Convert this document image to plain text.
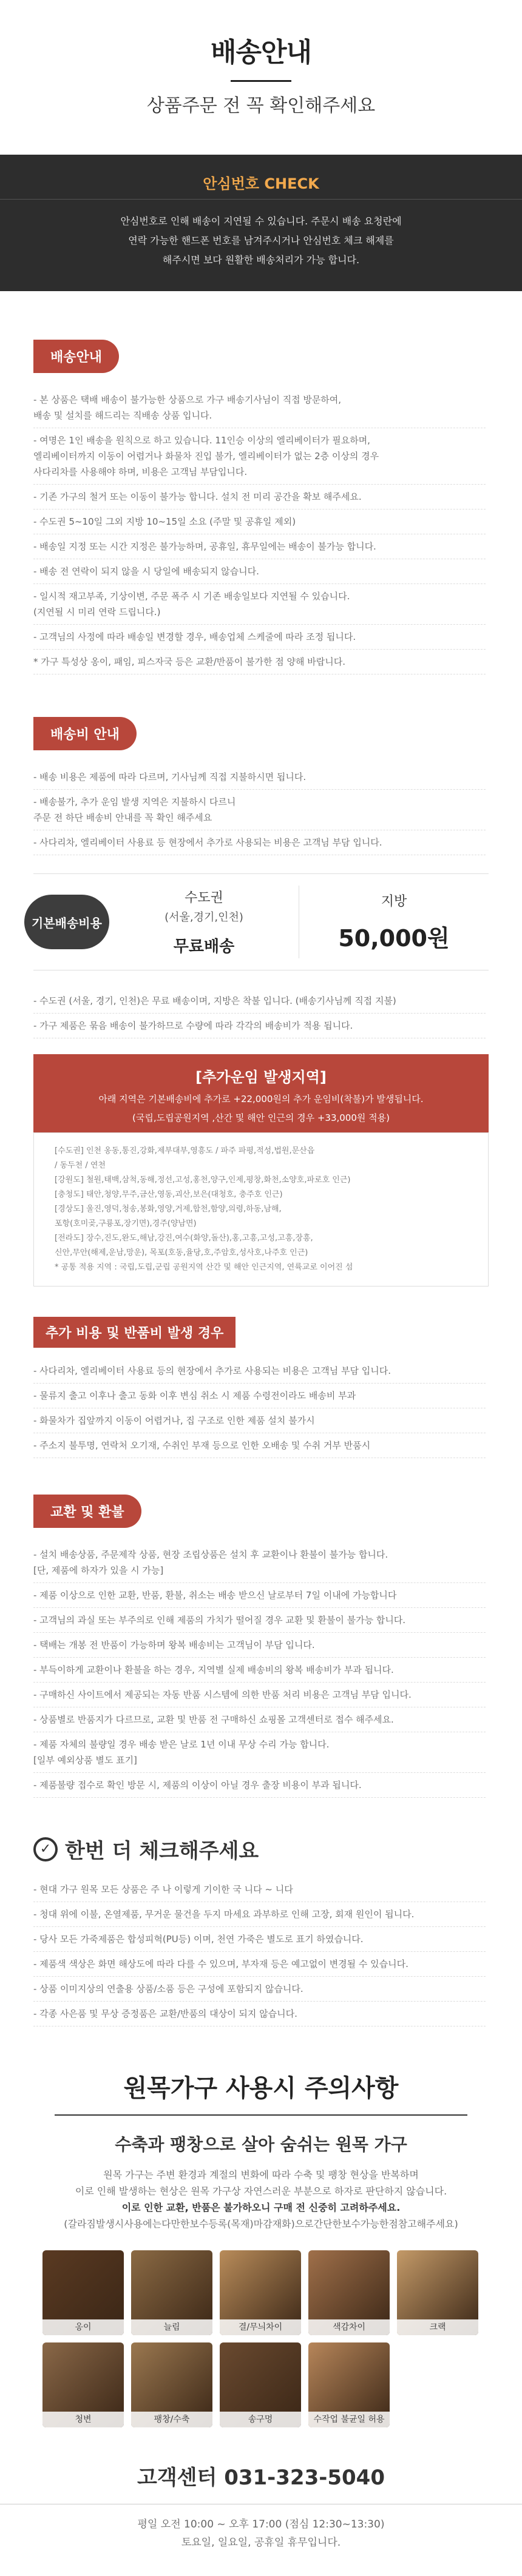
배송안내

상품주문 전 꼭 확인해주세요

안심번호 CHECK
안심번호로 인해 배송이 지연될 수 있습니다. 주문시 배송 요청란에
연락 가능한 핸드폰 번호를 남겨주시거나 안심번호 체크 해제를
해주시면 보다 원활한 배송처리가 가능 합니다.
배송안내
- 본 상품은 택배 배송이 불가능한 상품으로 가구 배송기사님이 직접 방문하여,
배송 및 설치를 해드리는 직배송 상품 입니다.
- 여명은 1인 배송을 원칙으로 하고 있습니다. 11인승 이상의 엘리베이터가 필요하며,
엘리베이터까지 이동이 어렵거나 화물차 진입 불가, 엘리베이터가 없는 2층 이상의 경우
사다리차를 사용해야 하며, 비용은 고객님 부담입니다.
- 기존 가구의 철거 또는 이동이 불가능 합니다. 설치 전 미리 공간을 확보 해주세요.
- 수도권 5~10일 그외 지방 10~15일 소요 (주말 및 공휴일 제외)
- 배송일 지정 또는 시간 지정은 불가능하며, 공휴일, 휴무일에는 배송이 불가능 합니다.
- 배송 전 연락이 되지 않을 시 당일에 배송되지 않습니다.
- 일시적 재고부족, 기상이변, 주문 폭주 시 기존 배송일보다 지연될 수 있습니다.
(지연될 시 미리 연락 드립니다.)
- 고객님의 사정에 따라 배송일 변경할 경우, 배송업체 스케줄에 따라 조정 됩니다.
* 가구 특성상 옹이, 패임, 피스자국 등은 교환/반품이 불가한 점 양해 바랍니다.
배송비 안내
- 배송 비용은 제품에 따라 다르며, 기사님께 직접 지불하시면 됩니다.
- 배송불가, 추가 운임 발생 지역은 지불하시 다르니
주문 전 하단 배송비 안내를 꼭 확인 해주세요
- 사다리차, 엘리베이터 사용료 등 현장에서 추가로 사용되는 비용은 고객님 부담 입니다.
기본배송비용
수도권
(서울,경기,인천)
무료배송
지방
50,000원
- 수도권 (서울, 경기, 인천)은 무료 배송이며, 지방은 착불 입니다. (배송기사님께 직접 지불)
- 가구 제품은 묶음 배송이 불가하므로 수량에 따라 각각의 배송비가 적용 됩니다.
[추가운임 발생지역]
아래 지역은 기본배송비에 추가로 +22,000원의 추가 운임비(착불)가 발생됩니다.
(국립,도립공원지역 ,산간 및 해안 인근의 경우 +33,000원 적용)
[수도권] 인천 옹동,통진,강화,제부대부,영흥도 / 파주 파평,적성,법원,문산읍
/ 동두천 / 연천
[강원도] 철원,태백,삼척,동해,정선,고성,홍천,양구,인제,평창,화천,소양호,파로호 인근)
[충청도] 태안,청양,무주,금산,영동,괴산,보은(대청호, 충주호 인근)
[경상도] 울진,영덕,청송,봉화,영양,거제,합천,함양,의령,하동,남해,
포항(호미곶,구룡포,장기면),경주(양남면)
[전라도] 장수,진도,완도,해남,강진,여수(화양,돌산),홍,고흥,고성,고흥,장흥,
신안,무안(해제,운남,망운), 목포(호동,율당,호,주암호,성사호,나주호 인근)
* 공통 적용 지역 : 국립,도립,군립 공원지역 산간 및 해안 인근지역, 연륙교로 이어진 섬
추가 비용 및 반품비 발생 경우
- 사다리차, 엘리베이터 사용료 등의 현장에서 추가로 사용되는 비용은 고객님 부담 입니다.
- 물류지 출고 이후나 출고 동화 이후 변심 취소 시 제품 수령전이라도 배송비 부과
- 화물차가 집앞까지 이동이 어렵거나, 집 구조로 인한 제품 설치 불가시
- 주소지 불투명, 연락처 오기재, 수취인 부재 등으로 인한 오배송 및 수취 거부 반품시
교환 및 환불
- 설치 배송상품, 주문제작 상품, 현장 조립상품은 설치 후 교환이나 환불이 불가능 합니다.
[단, 제품에 하자가 있을 시 가능]
- 제품 이상으로 인한 교환, 반품, 환불, 취소는 배송 받으신 날로부터 7일 이내에 가능합니다
- 고객님의 과실 또는 부주의로 인해 제품의 가치가 떨어질 경우 교환 및 환불이 불가능 합니다.
- 택배는 개봉 전 반품이 가능하며 왕복 배송비는 고객님이 부담 입니다.
- 부득이하게 교환이나 환불을 하는 경우, 지역별 실제 배송비의 왕복 배송비가 부과 됩니다.
- 구매하신 사이트에서 제공되는 자동 반품 시스템에 의한 반품 처리 비용은 고객님 부담 입니다.
- 상품별로 반품지가 다르므로, 교환 및 반품 전 구매하신 쇼핑몰 고객센터로 접수 해주세요.
- 제품 자체의 불량일 경우 배송 받은 날로 1년 이내 무상 수리 가능 합니다.
[일부 예외상품 별도 표기]
- 제품불량 접수로 확인 방문 시, 제품의 이상이 아닐 경우 출장 비용이 부과 됩니다.
✓ 한번 더 체크해주세요
- 현대 가구 원목 모든 상품은 주 나 이렇게 기이한 국 니다 ~ 니다
- 청대 위에 이불, 온열제품, 무거운 물건을 두지 마세요 과부하로 인해 고장, 회재 원인이 됩니다.
- 당사 모든 가죽제품은 합성피혁(PU등) 이며, 천연 가죽은 별도로 표기 하였습니다.
- 제품색 색상은 화면 해상도에 따라 다를 수 있으며, 부자재 등은 예고없이 변경될 수 있습니다.
- 상품 이미지상의 연출용 상품/소품 등은 구성에 포함되지 않습니다.
- 각종 사은품 및 무상 증정품은 교환/반품의 대상이 되지 않습니다.
원목가구 사용시 주의사항
수축과 팽창으로 살아 숨쉬는 원목 가구
원목 가구는 주변 환경과 계절의 변화에 따라 수축 및 팽창 현상을 반복하며
이로 인해 발생하는 현상은 원목 가구상 자연스러운 부분으로 하자로 판단하지 않습니다.
이로 인한 교환, 반품은 불가하오니 구매 전 신중히 고려하주세요.
(갈라짐발생시사용에는다만한보수등록(목재)마감재화)으로간단한보수가능한점참고해주세요)
옹이	늘림	결/무늬차이	색감차이	크랙
청변	팽창/수축	송구멍	수작업 불균일 허용
고객센터 031-323-5040
평일 오전 10:00 ~ 오후 17:00 (점심 12:30~13:30)
토요일, 일요일, 공휴일 휴무입니다.
